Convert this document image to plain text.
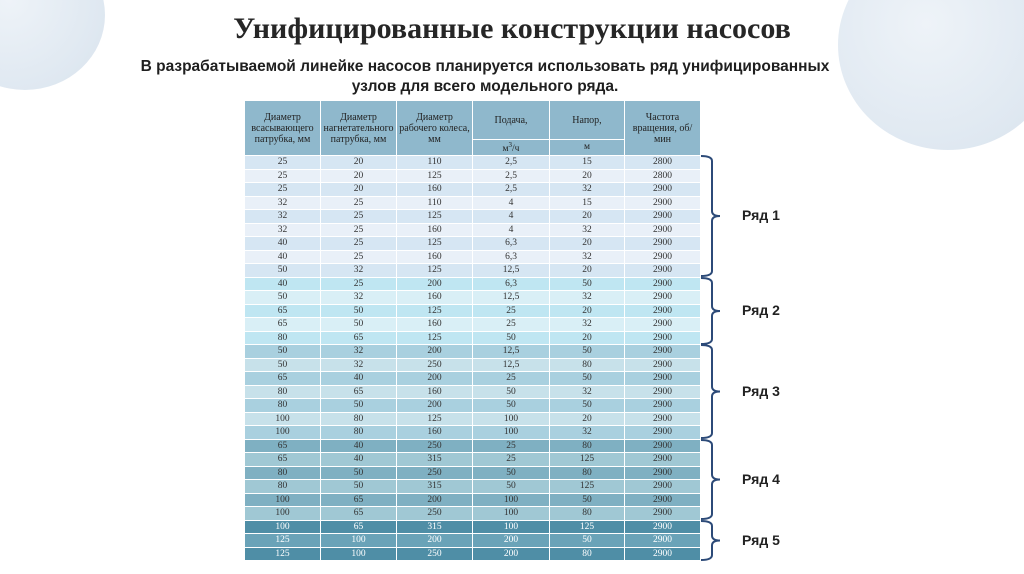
Унифицированные конструкции насосов
В разрабатываемой линейке насосов планируется использовать ряд унифицированных
узлов для всего модельного ряда.
Диаметр всасывающего патрубка, мм	Диаметр нагнетательного патрубка, мм	Диаметр рабочего колеса, мм	Подача,	Напор,	Частота вращения, об/мин
			$м^3/ч$	м	
25	20	110	2,5	15	2800
25	20	125	2,5	20	2800
25	20	160	2,5	32	2900
32	25	110	4	15	2900
32	25	125	4	20	2900
32	25	160	4	32	2900
40	25	125	6,3	20	2900
40	25	160	6,3	32	2900
50	32	125	12,5	20	2900
40	25	200	6,3	50	2900
50	32	160	12,5	32	2900
65	50	125	25	20	2900
65	50	160	25	32	2900
80	65	125	50	20	2900
50	32	200	12,5	50	2900
50	32	250	12,5	80	2900
65	40	200	25	50	2900
80	65	160	50	32	2900
80	50	200	50	50	2900
100	80	125	100	20	2900
100	80	160	100	32	2900
65	40	250	25	80	2900
65	40	315	25	125	2900
80	50	250	50	80	2900
80	50	315	50	125	2900
100	65	200	100	50	2900
100	65	250	100	80	2900
100	65	315	100	125	2900
125	100	200	200	50	2900
125	100	250	200	80	2900
Ряд 1
Ряд 2
Ряд 3
Ряд 4
Ряд 5
